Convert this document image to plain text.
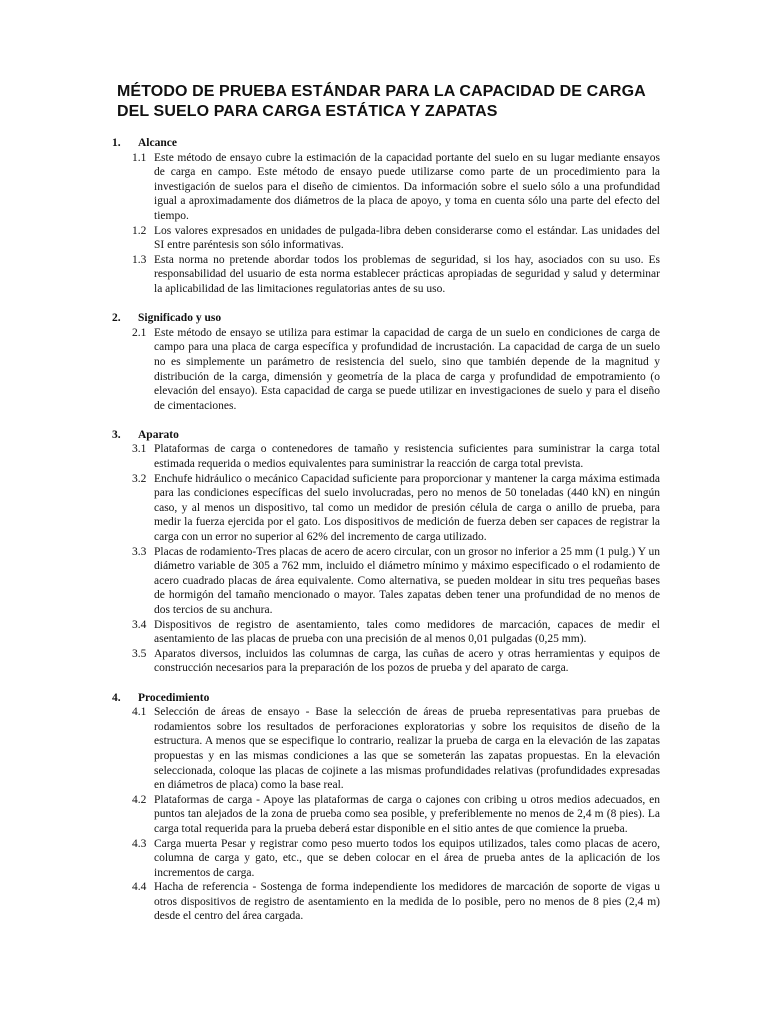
MÉTODO DE PRUEBA ESTÁNDAR PARA LA CAPACIDAD DE CARGA
DEL SUELO PARA CARGA ESTÁTICA Y ZAPATAS
1.	Alcance
1.1 Este método de ensayo cubre la estimación de la capacidad portante del suelo en su lugar mediante ensayos de carga en campo. Este método de ensayo puede utilizarse como parte de un procedimiento para la investigación de suelos para el diseño de cimientos. Da información sobre el suelo sólo a una profundidad igual a aproximadamente dos diámetros de la placa de apoyo, y toma en cuenta sólo una parte del efecto del tiempo.
1.2 Los valores expresados en unidades de pulgada-libra deben considerarse como el estándar. Las unidades del SI entre paréntesis son sólo informativas.
1.3 Esta norma no pretende abordar todos los problemas de seguridad, si los hay, asociados con su uso. Es responsabilidad del usuario de esta norma establecer prácticas apropiadas de seguridad y salud y determinar la aplicabilidad de las limitaciones regulatorias antes de su uso.
2.	Significado y uso
2.1 Este método de ensayo se utiliza para estimar la capacidad de carga de un suelo en condiciones de carga de campo para una placa de carga específica y profundidad de incrustación. La capacidad de carga de un suelo no es simplemente un parámetro de resistencia del suelo, sino que también depende de la magnitud y distribución de la carga, dimensión y geometría de la placa de carga y profundidad de empotramiento (o elevación del ensayo). Esta capacidad de carga se puede utilizar en investigaciones de suelo y para el diseño de cimentaciones.
3.	Aparato
3.1 Plataformas de carga o contenedores de tamaño y resistencia suficientes para suministrar la carga total estimada requerida o medios equivalentes para suministrar la reacción de carga total prevista.
3.2 Enchufe hidráulico o mecánico Capacidad suficiente para proporcionar y mantener la carga máxima estimada para las condiciones específicas del suelo involucradas, pero no menos de 50 toneladas (440 kN) en ningún caso, y al menos un dispositivo, tal como un medidor de presión célula de carga o anillo de prueba, para medir la fuerza ejercida por el gato. Los dispositivos de medición de fuerza deben ser capaces de registrar la carga con un error no superior al 62% del incremento de carga utilizado.
3.3 Placas de rodamiento-Tres placas de acero de acero circular, con un grosor no inferior a 25 mm (1 pulg.) Y un diámetro variable de 305 a 762 mm, incluido el diámetro mínimo y máximo especificado o el rodamiento de acero cuadrado placas de área equivalente. Como alternativa, se pueden moldear in situ tres pequeñas bases de hormigón del tamaño mencionado o mayor. Tales zapatas deben tener una profundidad de no menos de dos tercios de su anchura.
3.4 Dispositivos de registro de asentamiento, tales como medidores de marcación, capaces de medir el asentamiento de las placas de prueba con una precisión de al menos 0,01 pulgadas (0,25 mm).
3.5 Aparatos diversos, incluidos las columnas de carga, las cuñas de acero y otras herramientas y equipos de construcción necesarios para la preparación de los pozos de prueba y del aparato de carga.
4.	Procedimiento
4.1 Selección de áreas de ensayo - Base la selección de áreas de prueba representativas para pruebas de rodamientos sobre los resultados de perforaciones exploratorias y sobre los requisitos de diseño de la estructura. A menos que se especifique lo contrario, realizar la prueba de carga en la elevación de las zapatas propuestas y en las mismas condiciones a las que se someterán las zapatas propuestas. En la elevación seleccionada, coloque las placas de cojinete a las mismas profundidades relativas (profundidades expresadas en diámetros de placa) como la base real.
4.2 Plataformas de carga - Apoye las plataformas de carga o cajones con cribing u otros medios adecuados, en puntos tan alejados de la zona de prueba como sea posible, y preferiblemente no menos de 2,4 m (8 pies). La carga total requerida para la prueba deberá estar disponible en el sitio antes de que comience la prueba.
4.3 Carga muerta Pesar y registrar como peso muerto todos los equipos utilizados, tales como placas de acero, columna de carga y gato, etc., que se deben colocar en el área de prueba antes de la aplicación de los incrementos de carga.
4.4 Hacha de referencia - Sostenga de forma independiente los medidores de marcación de soporte de vigas u otros dispositivos de registro de asentamiento en la medida de lo posible, pero no menos de 8 pies (2,4 m) desde el centro del área cargada.
